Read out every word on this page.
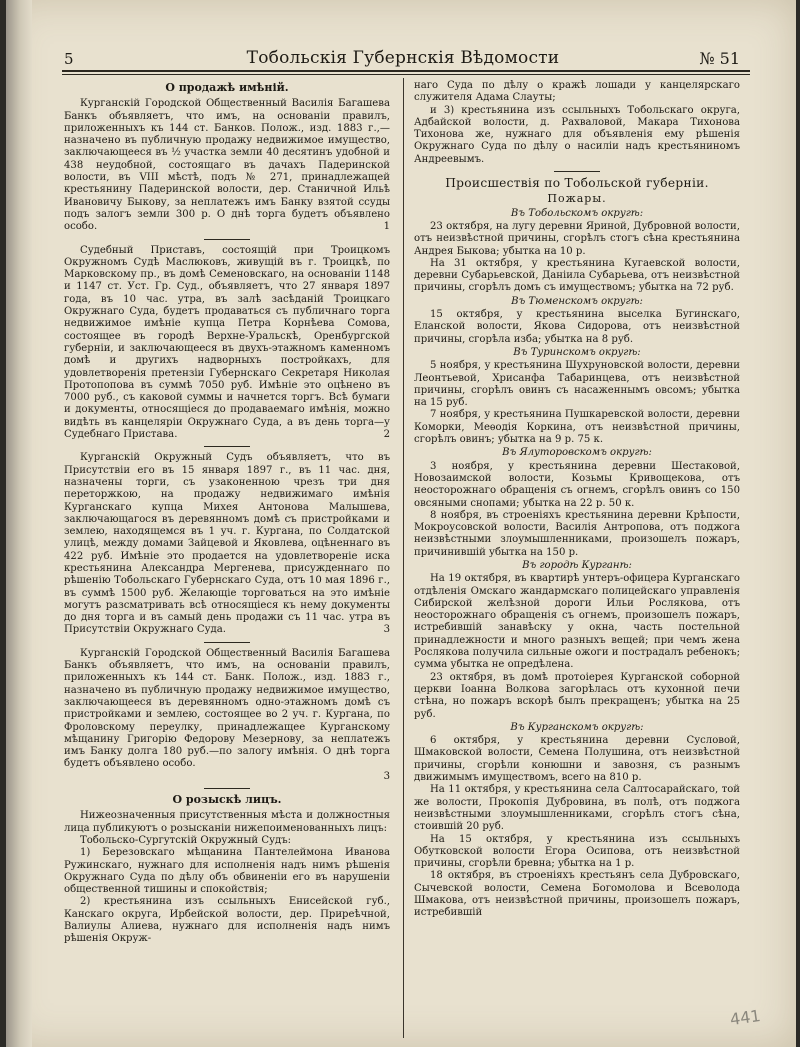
5	Тобольскія Губернскія Вѣдомости	№ 51
О продажѣ имѣній.

Курганскій Городской Общественный Василія Багашева Банкъ объявляетъ, что имъ, на основаніи правилъ, приложенныхъ къ 144 ст. Банков. Полож., изд. 1883 г.,—назначено въ публичную продажу недвижимое имущество, заключающееся въ ½ участка земли 40 десятинъ удобной и 438 неудобной, состоящаго въ дачахъ Падеринской волости, въ VIII мѣстѣ, подъ № 271, принадлежащей крестьянину Падеринской волости, дер. Станичной Ильѣ Ивановичу Быкову, за неплатежъ имъ Банку взятой ссуды подъ залогъ земли 300 р. О днѣ торга будетъ объявлено особо.	1

Судебный Приставъ, состоящій при Троицкомъ Окружномъ Судѣ Маслюковъ, живущій въ г. Троицкѣ, по Марковскому пр., въ домѣ Семеновскаго, на основаніи 1148 и 1147 ст. Уст. Гр. Суд., объявляетъ, что 27 января 1897 года, въ 10 час. утра, въ залѣ засѣданій Троицкаго Окружнаго Суда, будетъ продаваться съ публичнаго торга недвижимое имѣніе купца Петра Корнѣева Сомова, состоящее въ городѣ Верхне-Уральскѣ, Оренбургской губерніи, и заключающееся въ двухъ-этажномъ каменномъ домѣ и другихъ надворныхъ постройкахъ, для удовлетворенія претензіи Губернскаго Секретаря Николая Протопопова въ суммѣ 7050 руб. Имѣніе это оцѣнено въ 7000 руб., съ каковой суммы и начнется торгъ. Всѣ бумаги и документы, относящіеся до продаваемаго имѣнія, можно видѣть въ канцеляріи Окружнаго Суда, а въ день торга—у Судебнаго Пристава.	2

Курганскій Окружный Судъ объявляетъ, что въ Присутствіи его въ 15 января 1897 г., въ 11 час. дня, назначены торги, съ узаконенною чрезъ три дня переторжкою, на продажу недвижимаго имѣнія Курганскаго купца Михея Антонова Малышева, заключающагося въ деревянномъ домѣ съ пристройками и землею, находящемся въ 1 уч. г. Кургана, по Солдатской улицѣ, между домами Зайцевой и Яковлева, оцѣненнаго въ 422 руб. Имѣніе это продается на удовлетвореніе иска крестьянина Александра Мергенева, присужденнаго по рѣшенію Тобольскаго Губернскаго Суда, отъ 10 мая 1896 г., въ суммѣ 1500 руб. Желающіе торговаться на это имѣніе могутъ разсматривать всѣ относящіеся къ нему документы до дня торга и въ самый день продажи съ 11 час. утра въ Присутствіи Окружнаго Суда.	3

Курганскій Городской Общественный Василія Багашева Банкъ объявляетъ, что имъ, на основаніи правилъ, приложенныхъ къ 144 ст. Банк. Полож., изд. 1883 г., назначено въ публичную продажу недвижимое имущество, заключающееся въ деревянномъ одно-этажномъ домѣ съ пристройками и землею, состоящее во 2 уч. г. Кургана, по Фроловскому переулку, принадлежащее Курганскому мѣщанину Григорію Федорову Мезернову, за неплатежъ имъ Банку долга 180 руб.—по залогу имѣнія. О днѣ торга будетъ объявлено особо.

3
О розыскѣ лицъ.

Нижеозначенныя присутственныя мѣста и должностныя лица публикуютъ о розысканіи нижепоименованныхъ лицъ:

Тобольско-Сургутскій Окружный Судъ:

1) Березовскаго мѣщанина Пантелеймона Иванова Ружинскаго, нужнаго для исполненія надъ нимъ рѣшенія Окружнаго Суда по дѣлу объ обвиненіи его въ нарушеніи общественной тишины и спокойствія;

2) крестьянина изъ ссыльныхъ Енисейской губ., Канскаго округа, Ирбейской волости, дер. Приреѣчной, Валиулы Алиева, нужнаго для исполненія надъ нимъ рѣшенія Окруж-

наго Суда по дѣлу о кражѣ лошади у канцелярскаго служителя Адама Слауты;

и 3) крестьянина изъ ссыльныхъ Тобольскаго округа, Адбайской волости, д. Рахваловой, Макара Тихонова Тихонова же, нужнаго для объявленія ему рѣшенія Окружнаго Суда по дѣлу о насиліи надъ крестьяниномъ Андреевымъ.

Происшествія по Тобольской губерніи.
Пожары.
Въ Тобольскомъ округѣ:

23 октября, на лугу деревни Яриной, Дубровной волости, отъ неизвѣстной причины, сгорѣлъ стогъ сѣна крестьянина Андрея Быкова; убытка на 10 р.

На 31 октября, у крестьянина Кугаевской волости, деревни Субарьевской, Даніила Субарьева, отъ неизвѣстной причины, сгорѣлъ домъ съ имуществомъ; убытка на 72 руб.

Въ Тюменскомъ округѣ:

15 октября, у крестьянина выселка Бугинскаго, Еланской волости, Якова Сидорова, отъ неизвѣстной причины, сгорѣла изба; убытка на 8 руб.

Въ Туринскомъ округѣ:

5 ноября, у крестьянина Шухруновской волости, деревни Леонтьевой, Хрисанфа Табаринцева, отъ неизвѣстной причины, сгорѣлъ овинъ съ насаженнымъ овсомъ; убытка на 15 руб.

7 ноября, у крестьянина Пушкаревской волости, деревни Коморки, Меѳодія Коркина, отъ неизвѣстной причины, сгорѣлъ овинъ; убытка на 9 р. 75 к.

Въ Ялуторовскомъ округѣ:

3 ноября, у крестьянина деревни Шестаковой, Новозаимской волости, Козьмы Кривощекова, отъ неосторожнаго обращенія съ огнемъ, сгорѣлъ овинъ со 150 овсяными снопами; убытка на 22 р. 50 к.

8 ноября, въ строеніяхъ крестьянина деревни Крѣпости, Мокроусовской волости, Василія Антропова, отъ поджога неизвѣстными злоумышленниками, произошелъ пожаръ, причинившій убытка на 150 р.

Въ городѣ Курганѣ:

На 19 октября, въ квартирѣ унтеръ-офицера Курганскаго отдѣленія Омскаго жандармскаго полицейскаго управленія Сибирской желѣзной дороги Ильи Рослякова, отъ неосторожнаго обращенія съ огнемъ, произошелъ пожаръ, истребившій занавѣску у окна, часть постельной принадлежности и много разныхъ вещей; при чемъ жена Рослякова получила сильные ожоги и пострадалъ ребенокъ; сумма убытка не опредѣлена.

23 октября, въ домѣ протоіерея Курганской соборной церкви Іоанна Волкова загорѣлась отъ кухонной печи стѣна, но пожаръ вскорѣ былъ прекращенъ; убытка на 25 руб.

Въ Курганскомъ округѣ:

6 октября, у крестьянина деревни Сусловой, Шмаковской волости, Семена Полушина, отъ неизвѣстной причины, сгорѣли конюшни и завозня, съ разнымъ движимымъ имуществомъ, всего на 810 р.

На 11 октября, у крестьянина села Салтосарайскаго, той же волости, Прокопія Дубровина, въ полѣ, отъ поджога неизвѣстными злоумышленниками, сгорѣлъ стогъ сѣна, стоившій 20 руб.

На 15 октября, у крестьянина изъ ссыльныхъ Обутковской волости Егора Осипова, отъ неизвѣстной причины, сгорѣли бревна; убытка на 1 р.

18 октября, въ строеніяхъ крестьянъ села Дубровскаго, Сычевской волости, Семена Богомолова и Всеволода Шмакова, отъ неизвѣстной причины, произошелъ пожаръ, истребившій

441
